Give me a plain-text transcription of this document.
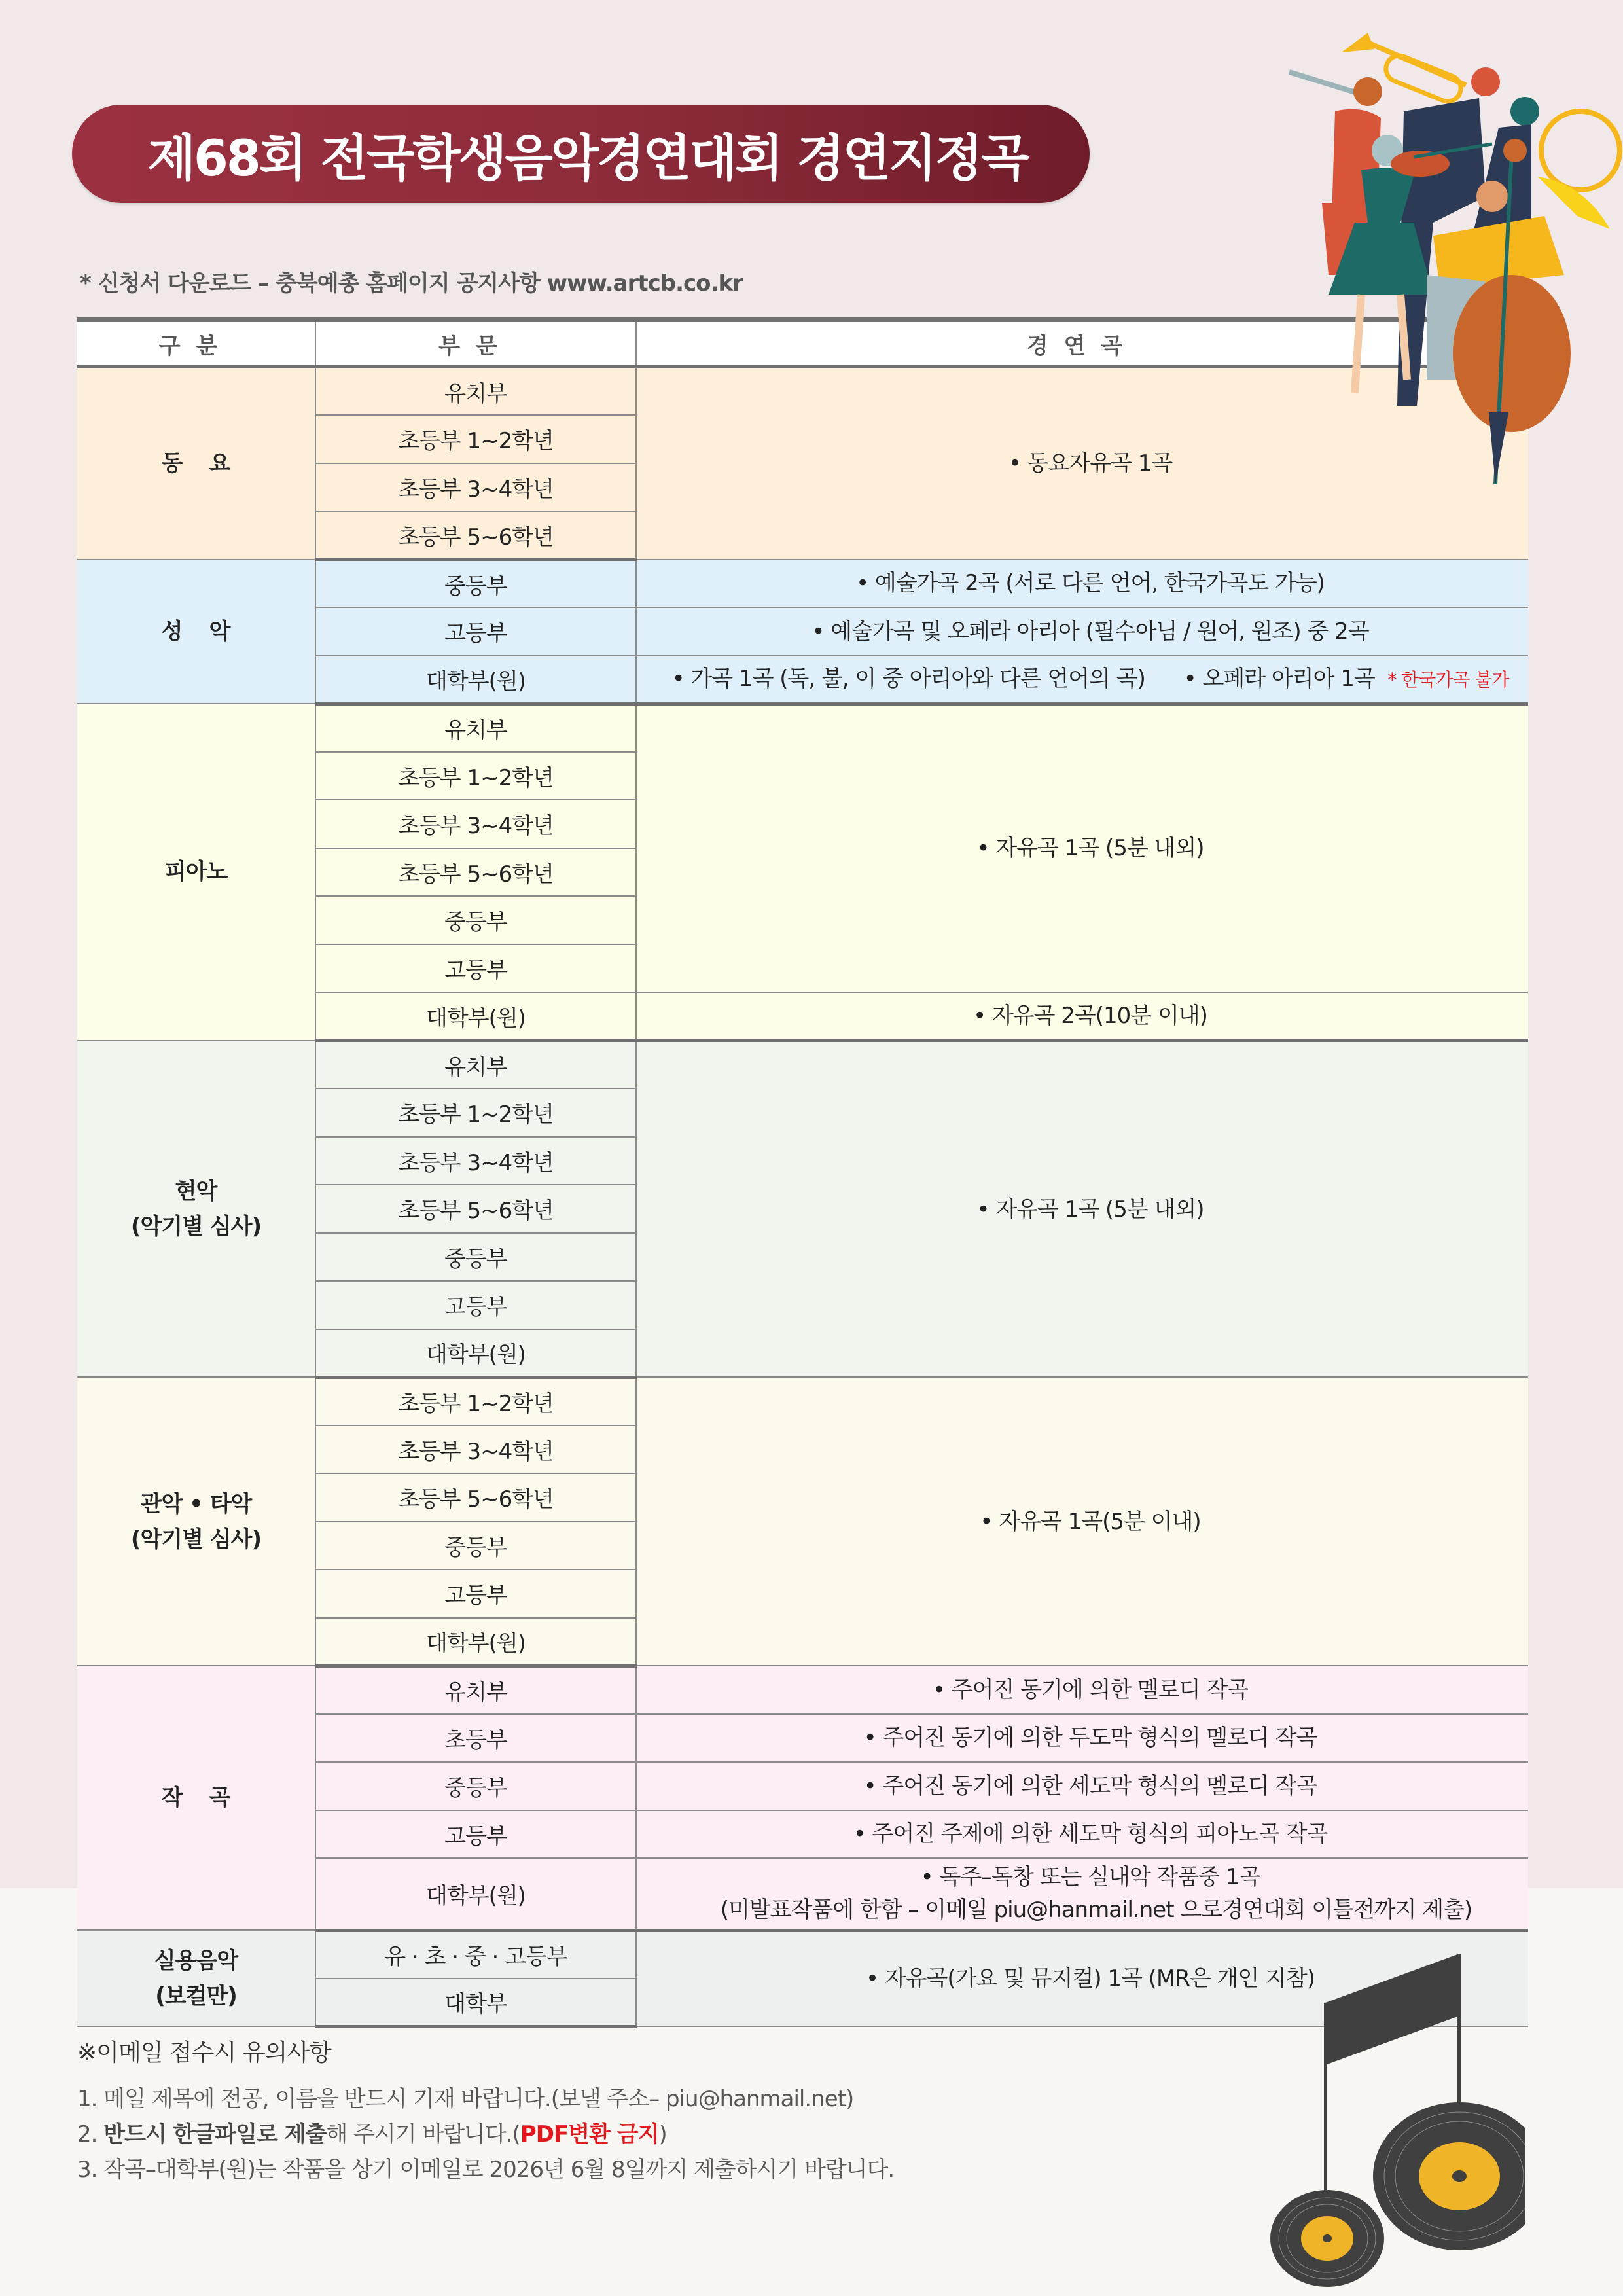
제68회 전국학생음악경연대회 경연지정곡
* 신청서 다운로드 – 충북예총 홈페이지 공지사항 www.artcb.co.kr
구분	부문	경연곡
동요	유치부	• 동요자유곡 1곡
	초등부 1~2학년	
	초등부 3~4학년	
	초등부 5~6학년	
성악	중등부	• 예술가곡 2곡 (서로 다른 언어, 한국가곡도 가능)
	고등부	• 예술가곡 및 오페라 아리아 (필수아님 / 원어, 원조) 중 2곡
	대학부(원)	• 가곡 1곡 (독, 불, 이 중 아리아와 다른 언어의 곡)      • 오페라 아리아 1곡 * 한국가곡 불가
피아노	유치부	• 자유곡 1곡 (5분 내외)
	초등부 1~2학년	
	초등부 3~4학년	
	초등부 5~6학년	
	중등부	
	고등부	
	대학부(원)	• 자유곡 2곡(10분 이내)

현악
(악기별 심사)	유치부	• 자유곡 1곡 (5분 내외)
	초등부 1~2학년	
	초등부 3~4학년	
	초등부 5~6학년	
	중등부	
	고등부	
	대학부(원)	

관악 • 타악
(악기별 심사)	초등부 1~2학년	• 자유곡 1곡(5분 이내)
	초등부 3~4학년	
	초등부 5~6학년	
	중등부	
	고등부	
	대학부(원)	
작곡	유치부	• 주어진 동기에 의한 멜로디 작곡
	초등부	• 주어진 동기에 의한 두도막 형식의 멜로디 작곡
	중등부	• 주어진 동기에 의한 세도막 형식의 멜로디 작곡
	고등부	• 주어진 주제에 의한 세도막 형식의 피아노곡 작곡
	대학부(원)	• 독주–독창 또는 실내악 작품중 1곡
(미발표작품에 한함 – 이메일 piu@hanmail.net 으로경연대회 이틀전까지 제출)

실용음악
(보컬만)	유 · 초 · 중 · 고등부	• 자유곡(가요 및 뮤지컬) 1곡 (MR은 개인 지참)
	대학부	

※이메일 접수시 유의사항

1. 메일 제목에 전공, 이름을 반드시 기재 바랍니다.(보낼 주소– piu@hanmail.net)

2. 반드시 한글파일로 제출해 주시기 바랍니다.(PDF변환 금지)

3. 작곡–대학부(원)는 작품을 상기 이메일로 2026년 6월 8일까지 제출하시기 바랍니다.
